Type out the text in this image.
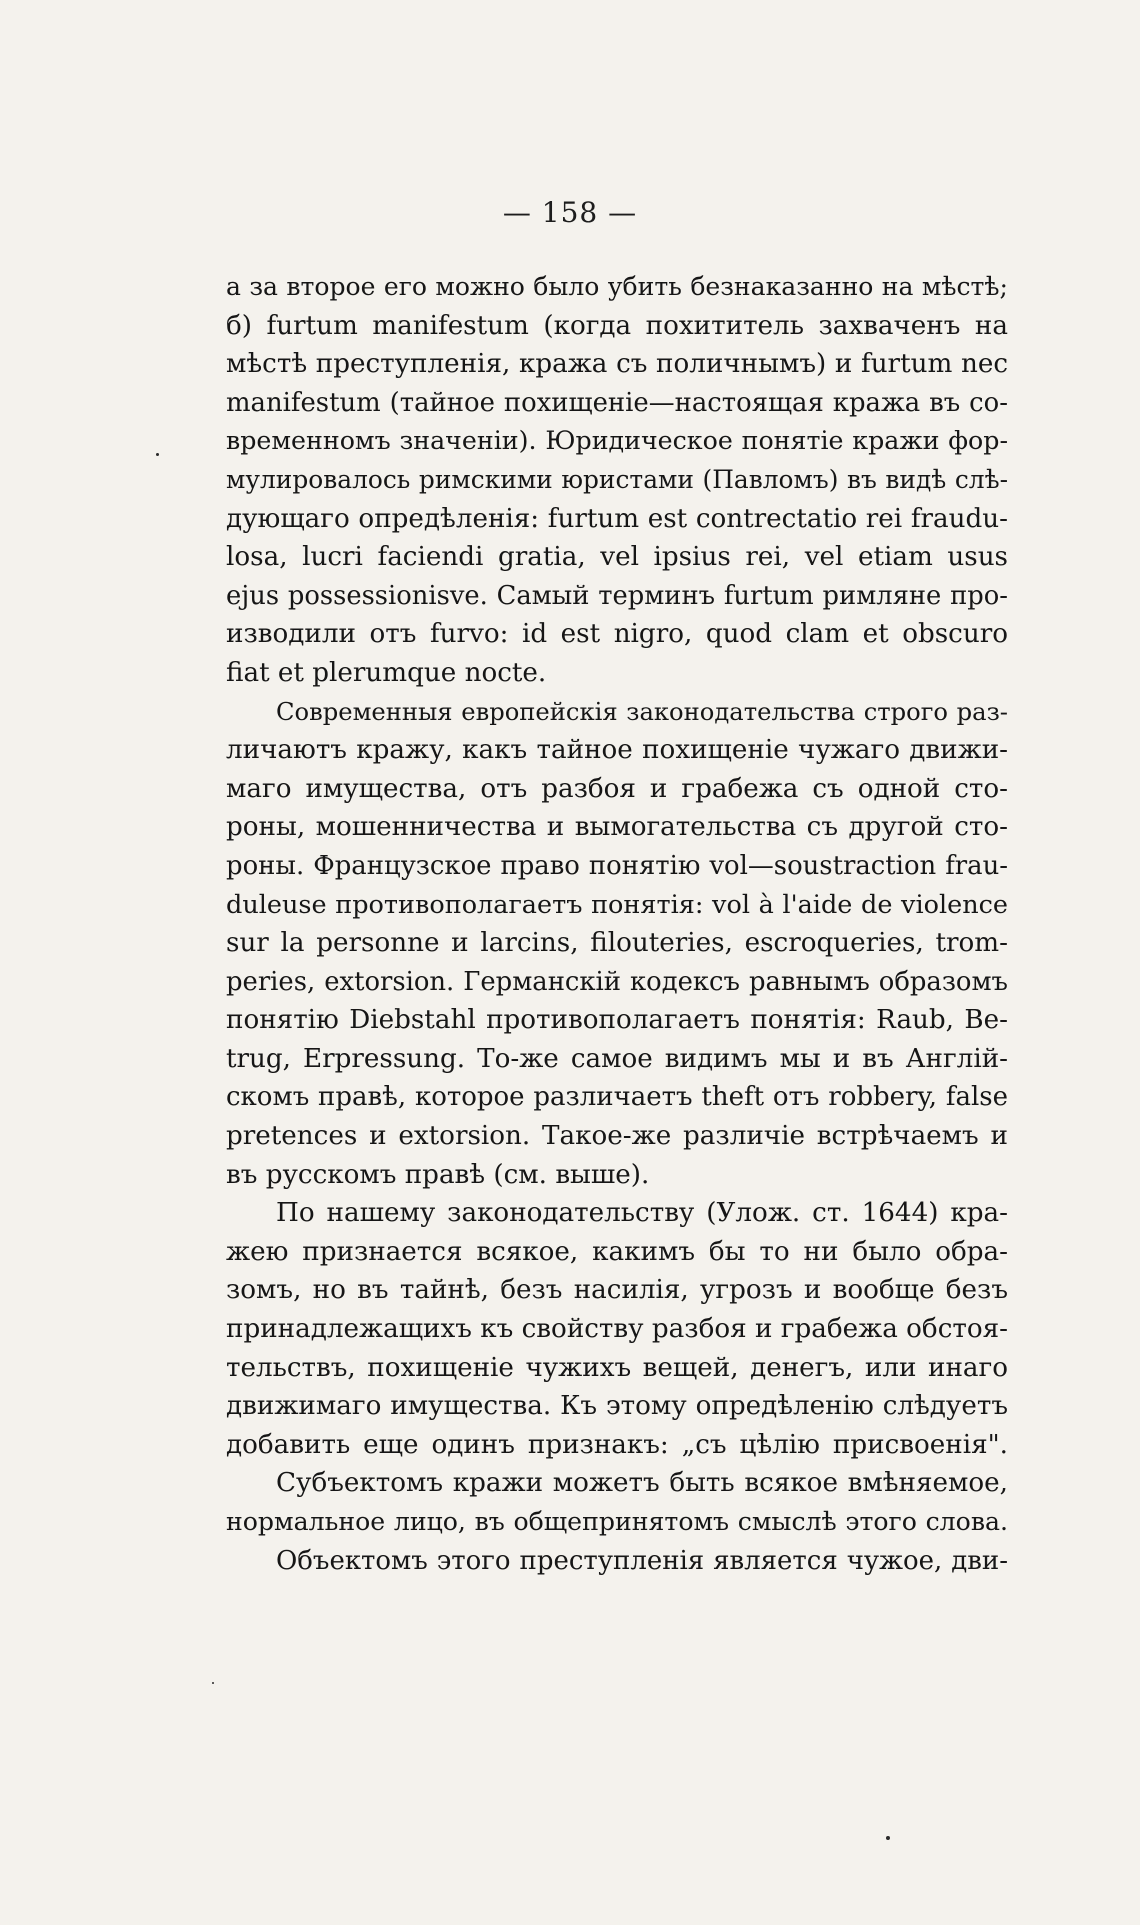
— 158 —
а за второе его можно было убить безнаказанно на мѣстѣ;
б) furtum manifestum (когда похититель захваченъ на
мѣстѣ преступленія, кража съ поличнымъ) и furtum nec
manifestum (тайное похищеніе—настоящая кража въ со-
временномъ значеніи). Юридическое понятіе кражи фор-
мулировалось римскими юристами (Павломъ) въ видѣ слѣ-
дующаго опредѣленія: furtum est contrectatio rei fraudu-
losa, lucri faciendi gratia, vel ipsius rei, vel etiam usus
ejus possessionisve. Самый терминъ furtum римляне про-
изводили отъ furvo: id est nigro, quod clam et obscuro
fiat et plerumque nocte.
Современныя европейскія законодательства строго раз-
личаютъ кражу, какъ тайное похищеніе чужаго движи-
маго имущества, отъ разбоя и грабежа съ одной сто-
роны, мошенничества и вымогательства съ другой сто-
роны. Французское право понятію vol—soustraction frau-
duleuse противополагаетъ понятія: vol à l'aide de violence
sur la personne и larcins, filouteries, escroqueries, trom-
peries, extorsion. Германскій кодексъ равнымъ образомъ
понятію Diebstahl противополагаетъ понятія: Raub, Be-
trug, Erpressung. То-же самое видимъ мы и въ Англій-
скомъ правѣ, которое различаетъ theft отъ robbery, false
pretences и extorsion. Такое-же различіе встрѣчаемъ и
въ русскомъ правѣ (см. выше).
По нашему законодательству (Улож. ст. 1644) кра-
жею признается всякое, какимъ бы то ни было обра-
зомъ, но въ тайнѣ, безъ насилія, угрозъ и вообще безъ
принадлежащихъ къ свойству разбоя и грабежа обстоя-
тельствъ, похищеніе чужихъ вещей, денегъ, или инаго
движимаго имущества. Къ этому опредѣленію слѣдуетъ
добавить еще одинъ признакъ: „съ цѣлію присвоенія".
Субъектомъ кражи можетъ быть всякое вмѣняемое,
нормальное лицо, въ общепринятомъ смыслѣ этого слова.
Объектомъ этого преступленія является чужое, дви-
